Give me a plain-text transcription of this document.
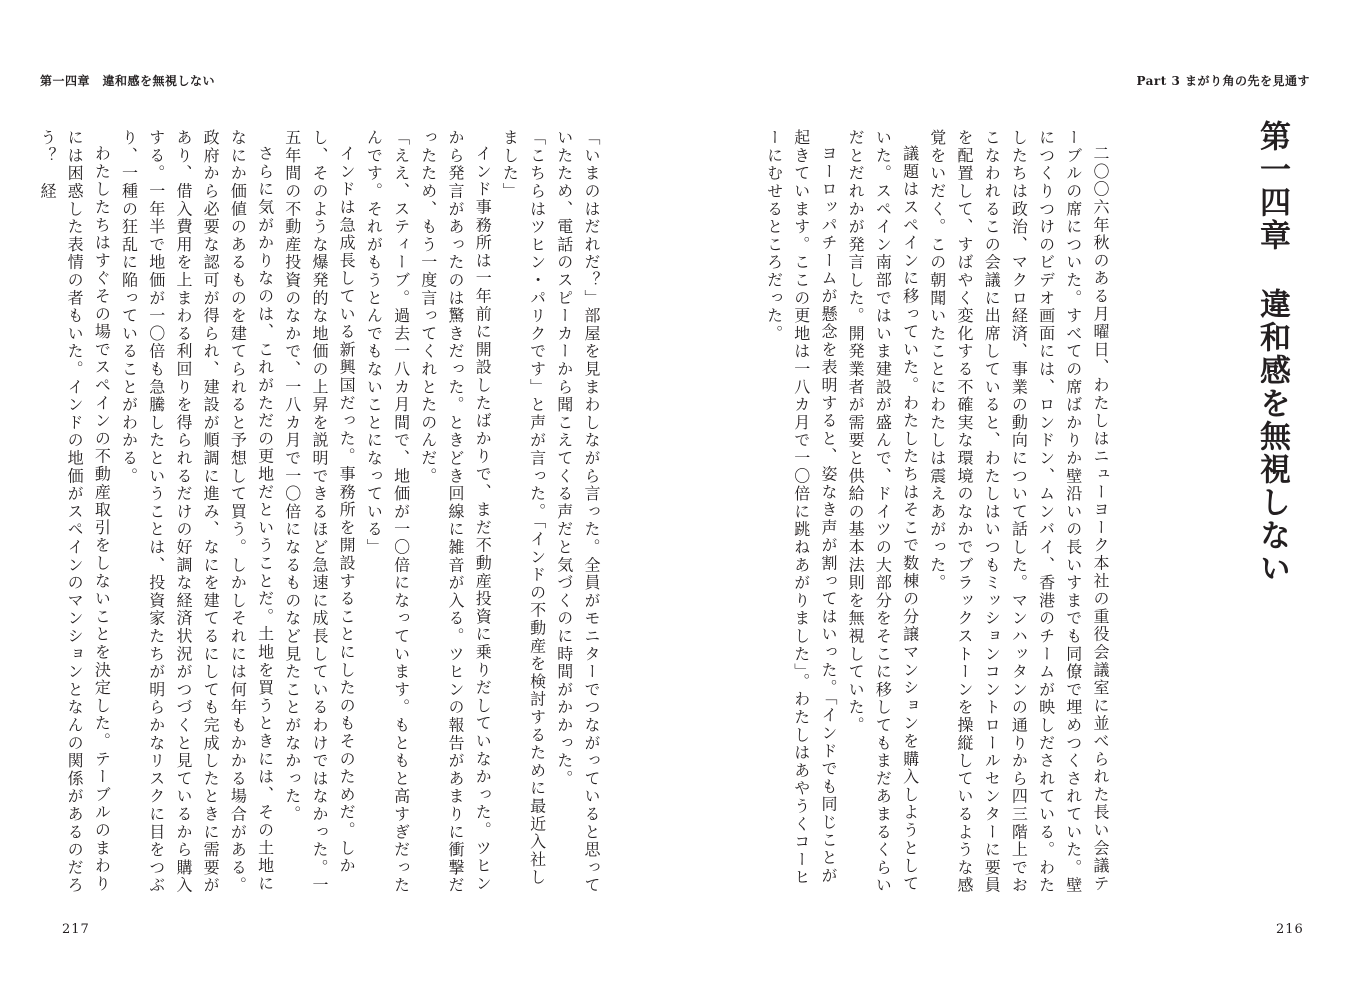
第一四章　違和感を無視しない	Part 3 まがり角の先を見通す
第一四章違和感を無視しない

二〇〇六年秋のある月曜日、わたしはニューヨーク本社の重役会議室に並べられた長い会議テーブルの席についた。すべての席ばかりか壁沿いの長いすまでも同僚で埋めつくされていた。壁につくりつけのビデオ画面には、ロンドン、ムンバイ、香港のチームが映しだされている。わたしたちは政治、マクロ経済、事業の動向について話した。マンハッタンの通りから四三階上でおこなわれるこの会議に出席していると、わたしはいつもミッションコントロールセンターに要員を配置して、すばやく変化する不確実な環境のなかでブラックストーンを操縦しているような感覚をいだく。この朝聞いたことにわたしは震えあがった。

議題はスペインに移っていた。わたしたちはそこで数棟の分譲マンションを購入しようとしていた。スペイン南部ではいま建設が盛んで、ドイツの大部分をそこに移してもまだあまるくらいだとだれかが発言した。開発業者が需要と供給の基本法則を無視していた。

ヨーロッパチームが懸念を表明すると、姿なき声が割ってはいった。「インドでも同じことが起きています。ここの更地は一八カ月で一〇倍に跳ねあがりました」。わたしはあやうくコーヒーにむせるところだった。

「いまのはだれだ？」部屋を見まわしながら言った。全員がモニターでつながっていると思っていたため、電話のスピーカーから聞こえてくる声だと気づくのに時間がかかった。

「こちらはツヒン・パリクです」と声が言った。「インドの不動産を検討するために最近入社しました」

インド事務所は一年前に開設したばかりで、まだ不動産投資に乗りだしていなかった。ツヒンから発言があったのは驚きだった。ときどき回線に雑音が入る。ツヒンの報告があまりに衝撃だったため、もう一度言ってくれとたのんだ。

「ええ、スティーブ。過去一八カ月間で、地価が一〇倍になっています。もともと高すぎだったんです。それがもうとんでもないことになっている」

インドは急成長している新興国だった。事務所を開設することにしたのもそのためだ。しかし、そのような爆発的な地価の上昇を説明できるほど急速に成長しているわけではなかった。一五年間の不動産投資のなかで、一八カ月で一〇倍になるものなど見たことがなかった。

さらに気がかりなのは、これがただの更地だということだ。土地を買うときには、その土地になにか価値のあるものを建てられると予想して買う。しかしそれには何年もかかる場合がある。政府から必要な認可が得られ、建設が順調に進み、なにを建てるにしても完成したときに需要があり、借入費用を上まわる利回りを得られるだけの好調な経済状況がつづくと見ているから購入する。一年半で地価が一〇倍も急騰したということは、投資家たちが明らかなリスクに目をつぶり、一種の狂乱に陥っていることがわかる。

わたしたちはすぐその場でスペインの不動産取引をしないことを決定した。テーブルのまわりには困惑した表情の者もいた。インドの地価がスペインのマンションとなんの関係があるのだろう？　経

217	216
